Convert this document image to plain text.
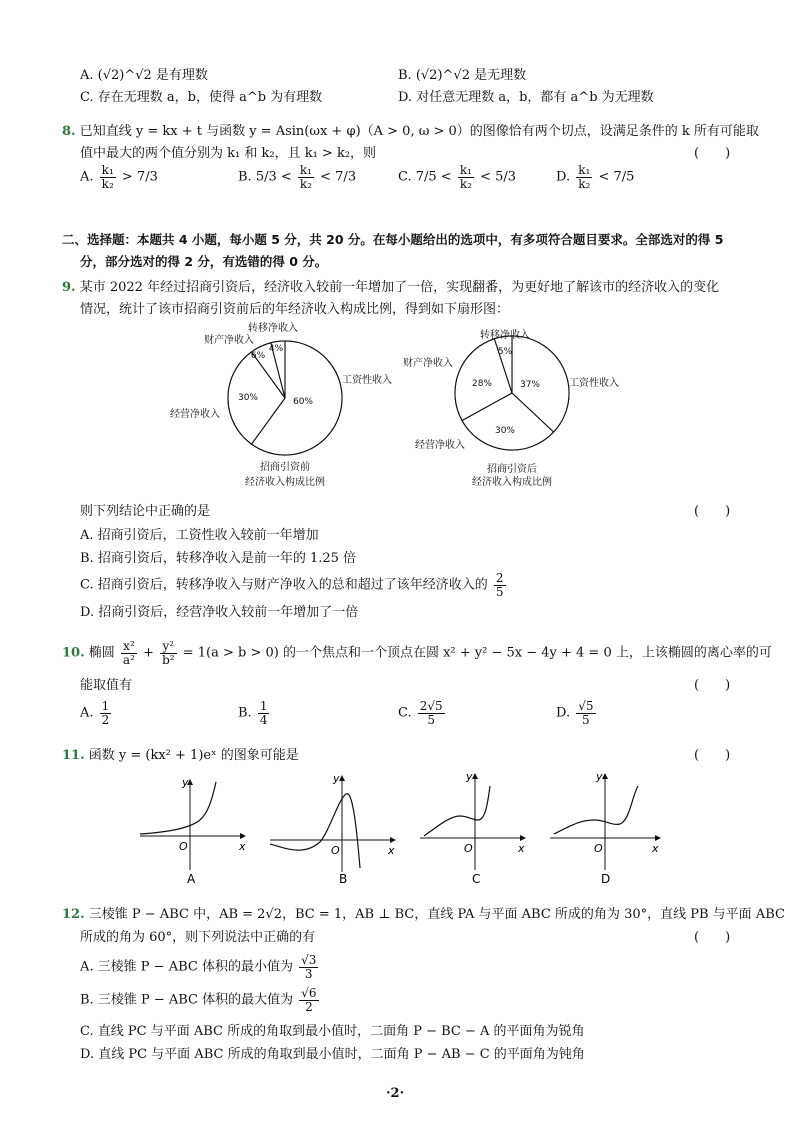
A. (√2)^√2 是有理数	B. (√2)^√2 是无理数
C. 存在无理数 a，b，使得 a^b 为有理数	D. 对任意无理数 a，b，都有 a^b 为无理数
8. 已知直线 y = kx + t 与函数 y = Asin(ωx + φ)（A > 0, ω > 0）的图像恰有两个切点，设满足条件的 k 所有可能取
值中最大的两个值分别为 k₁ 和 k₂，且 k₁ > k₂，则	(　　)
A. $\frac{\text{k₁}}{\text{k₂}} > 7/3$	B. $5/3 < \frac{\text{k₁}}{\text{k₂}} < 7/3$	C. $7/5 < \frac{\text{k₁}}{\text{k₂}} < 5/3$	D. $\frac{\text{k₁}}{\text{k₂}} < 7/5$
二、选择题：本题共 4 小题，每小题 5 分，共 20 分。在每小题给出的选项中，有多项符合题目要求。全部选对的得 5
分，部分选对的得 2 分，有选错的得 0 分。
9. 某市 2022 年经过招商引资后，经济收入较前一年增加了一倍，实现翻番，为更好地了解该市的经济收入的变化
情况，统计了该市招商引资前后的年经济收入构成比例，得到如下扇形图：
60%
工资性收入
30%
经营净收入
6%
财产净收入
4%
转移净收入
招商引资前
经济收入构成比例
37%	工资性收入
30%
经营净收入
28%
财产净收入
5%
转移净收入
招商引资后
经济收入构成比例
则下列结论中正确的是	(　　)
A. 招商引资后，工资性收入较前一年增加
B. 招商引资后，转移净收入是前一年的 1.25 倍
C. 招商引资后，转移净收入与财产净收入的总和超过了该年经济收入的 $\frac{2}{5}$
D. 招商引资后，经营净收入较前一年增加了一倍
10. 椭圆 $\frac{\text{x²}}{\text{a²}} + \frac{\text{y²}}{\text{b²}} = 1(a > b > 0)$ 的一个焦点和一个顶点在圆 x² + y² − 5x − 4y + 4 = 0 上，上该椭圆的离心率的可
能取值有	(　　)
A. $\frac{1}{2}$	B. $\frac{1}{4}$	C. $\frac{2√5}{5}$	D. $\frac{√5}{5}$
11. 函数 y = (kx² + 1)eˣ 的图象可能是	(　　)
y
x
O
A
y
x
O
B
y
x
O
C
y
x
O
D
12. 三棱锥 P − ABC 中，AB = 2√2，BC = 1，AB ⊥ BC，直线 PA 与平面 ABC 所成的角为 30°，直线 PB 与平面 ABC
所成的角为 60°，则下列说法中正确的有	(　　)
A. 三棱锥 P − ABC 体积的最小值为 $\frac{√3}{3}$
B. 三棱锥 P − ABC 体积的最大值为 $\frac{√6}{2}$
C. 直线 PC 与平面 ABC 所成的角取到最小值时，二面角 P − BC − A 的平面角为锐角
D. 直线 PC 与平面 ABC 所成的角取到最小值时，二面角 P − AB − C 的平面角为钝角
·2·
